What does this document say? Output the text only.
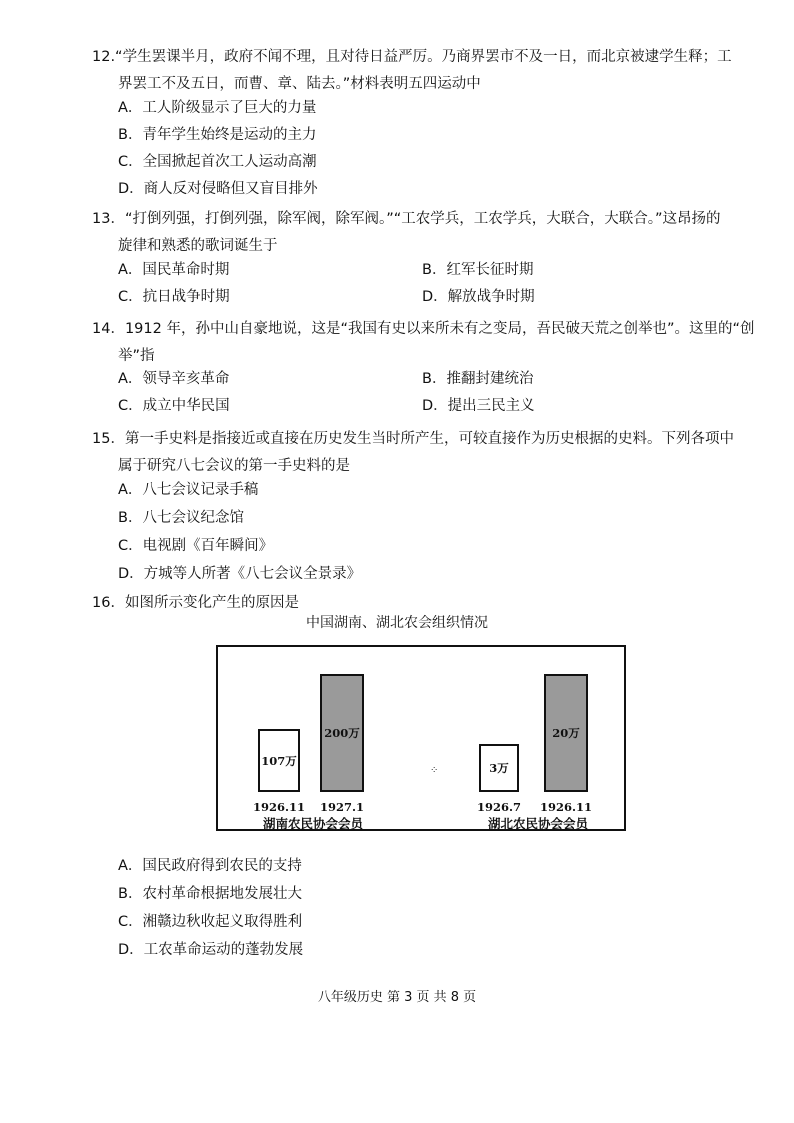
12.“学生罢课半月，政府不闻不理，且对待日益严厉。乃商界罢市不及一日，而北京被逮学生释；工
界罢工不及五日，而曹、章、陆去。”材料表明五四运动中
A．工人阶级显示了巨大的力量
B．青年学生始终是运动的主力
C．全国掀起首次工人运动高潮
D．商人反对侵略但又盲目排外
13．“打倒列强，打倒列强，除军阀，除军阀。”“工农学兵，工农学兵，大联合，大联合。”这昂扬的
旋律和熟悉的歌词诞生于
A．国民革命时期	B．红军长征时期
C．抗日战争时期	D．解放战争时期
14．1912 年，孙中山自豪地说，这是“我国有史以来所未有之变局，吾民破天荒之创举也”。这里的“创
举”指
A．领导辛亥革命	B．推翻封建统治
C．成立中华民国	D．提出三民主义
15．第一手史料是指接近或直接在历史发生当时所产生，可较直接作为历史根据的史料。下列各项中
属于研究八七会议的第一手史料的是
A．八七会议记录手稿
B．八七会议纪念馆
C．电视剧《百年瞬间》
D．方城等人所著《八七会议全景录》
16．如图所示变化产生的原因是
中国湖南、湖北农会组织情况
107万
200万
1926.11	1927.1
湖南农民协会会员
⁘	3万
20万
1926.7	1926.11
湖北农民协会会员
A．国民政府得到农民的支持
B．农村革命根据地发展壮大
C．湘赣边秋收起义取得胜利
D．工农革命运动的蓬勃发展
八年级历史 第 3 页 共 8 页
